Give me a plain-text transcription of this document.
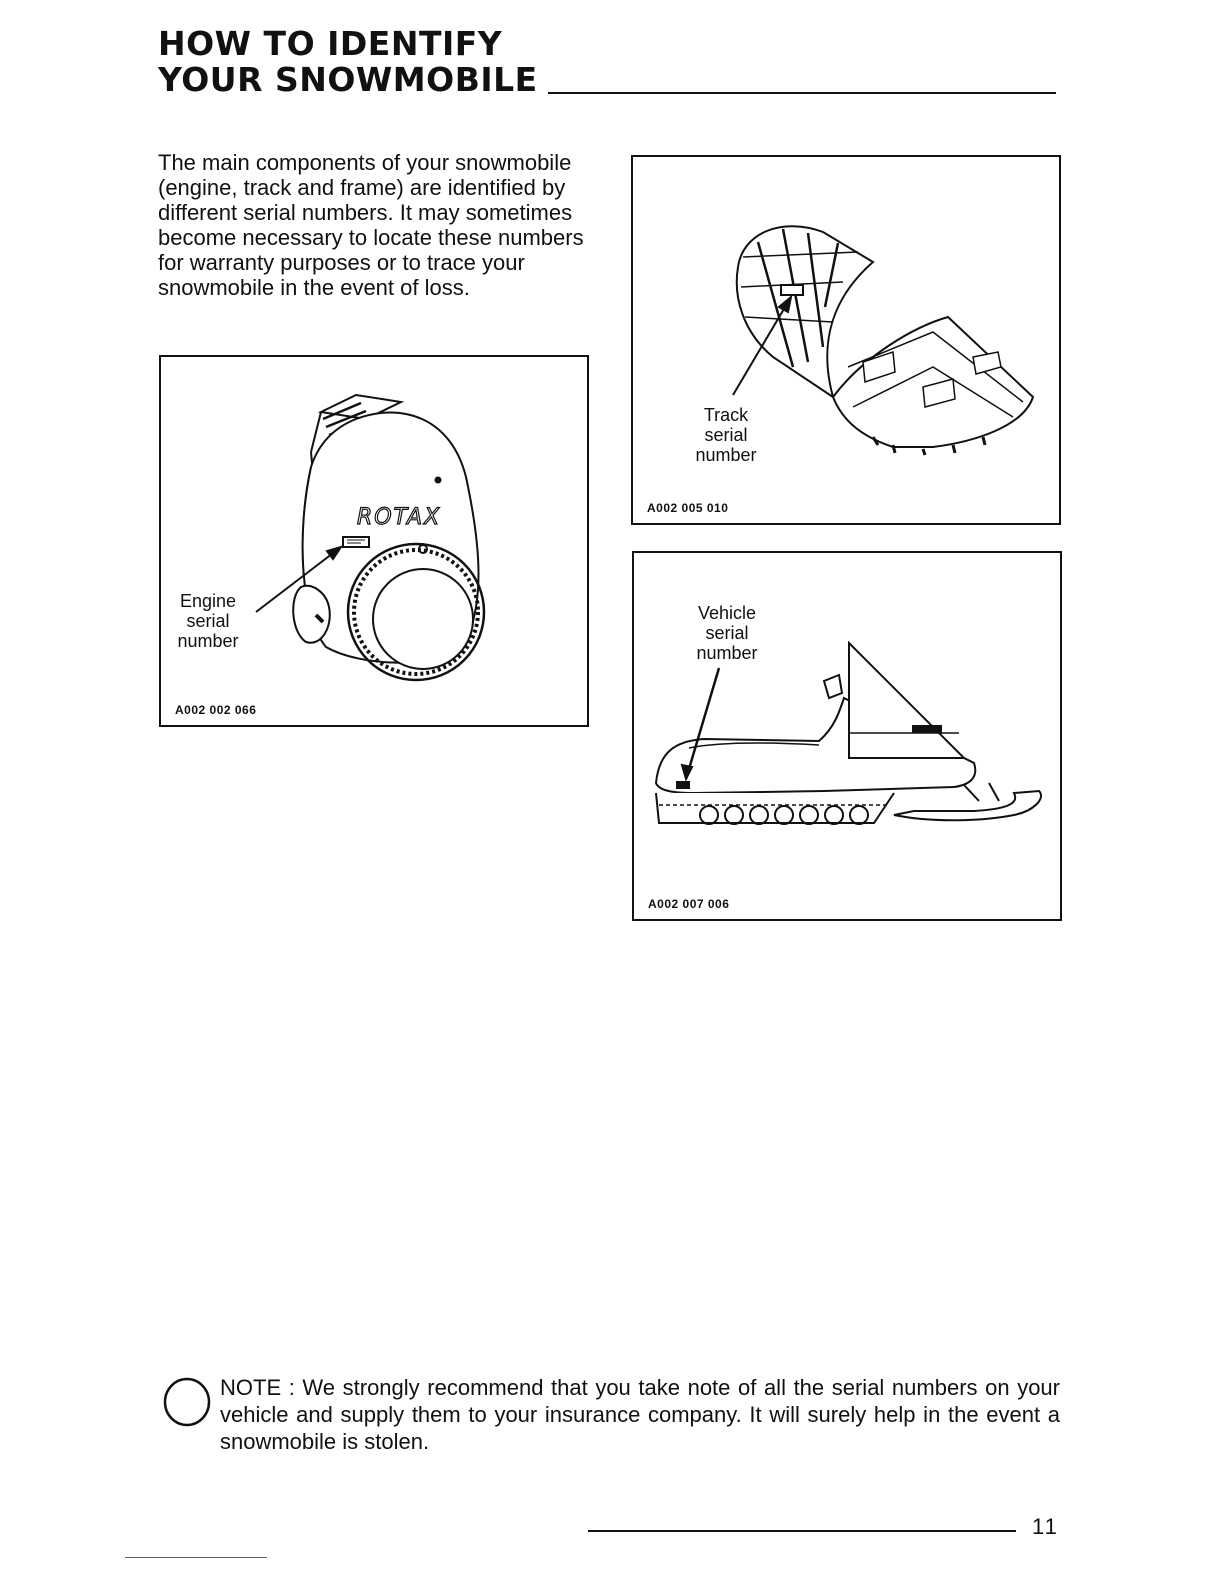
HOW TO IDENTIFY
YOUR SNOWMOBILE

The main components of your snowmobile (engine, track and frame) are identified by different serial numbers. It may sometimes become necessary to locate these numbers for warranty purposes or to trace your snowmobile in the event of loss.

ROTAX
Engine
serial
number
A002 002 066
Track
serial
number
A002 005 010
Vehicle
serial
number
A002 007 006

NOTE : We strongly recommend that you take note of all the serial numbers on your vehicle and supply them to your insurance company. It will surely help in the event a snowmobile is stolen.

11
